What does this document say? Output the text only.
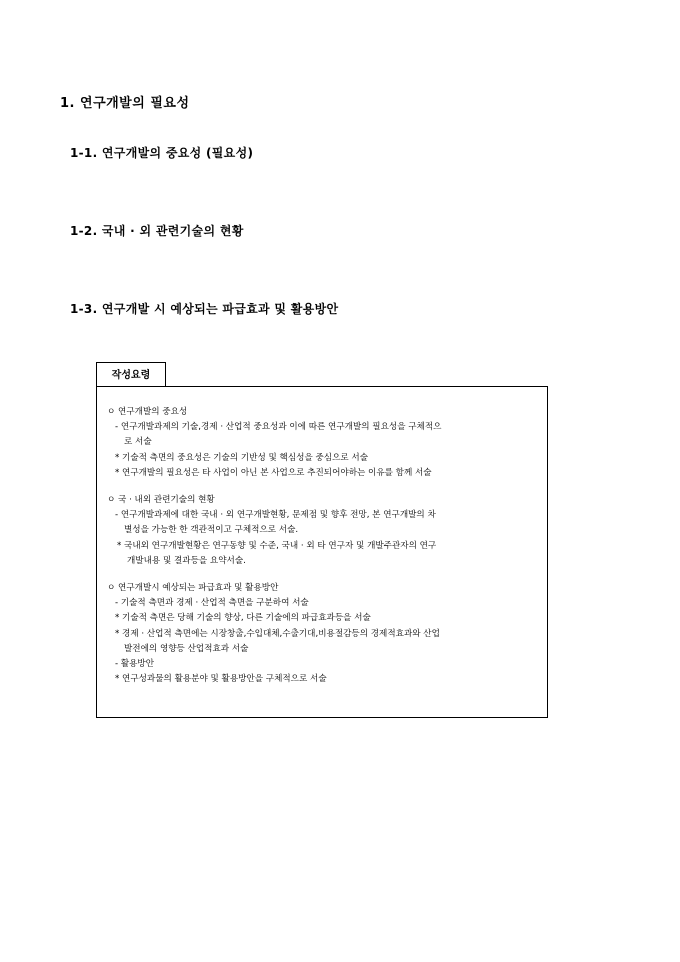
1. 연구개발의 필요성
1-1. 연구개발의 중요성 (필요성)
1-2. 국내 · 외 관련기술의 현황
1-3. 연구개발 시 예상되는 파급효과 및 활용방안
작성요령

ㅇ 연구개발의 중요성

- 연구개발과제의 기술,경제 · 산업적 중요성과 이에 따른 연구개발의 필요성을 구체적으

로 서술

* 기술적 측면의 중요성은 기술의 기반성 및 핵심성을 중심으로 서술

* 연구개발의 필요성은 타 사업이 아닌 본 사업으로 추진되어야하는 이유를 함께 서술

ㅇ 국 · 내외 관련기술의 현황

- 연구개발과제에 대한 국내 · 외 연구개발현황, 문제점 및 향후 전망, 본 연구개발의 차

별성을 가능한 한 객관적이고 구체적으로 서술.

* 국내외 연구개발현황은 연구동향 및 수준, 국내 · 외 타 연구자 및 개발주관자의 연구

개발내용 및 결과등을 요약서술.

ㅇ 연구개발시 예상되는 파급효과 및 활용방안

- 기술적 측면과 경제 · 산업적 측면을 구분하여 서술

* 기술적 측면은 당해 기술의 향상, 다른 기술에의 파급효과등을 서술

* 경제 · 산업적 측면에는 시장창출,수입대체,수출기대,비용절감등의 경제적효과와 산업

발전에의 영향등 산업적효과 서술

- 활용방안

* 연구성과물의 활용분야 및 활용방안을 구체적으로 서술
